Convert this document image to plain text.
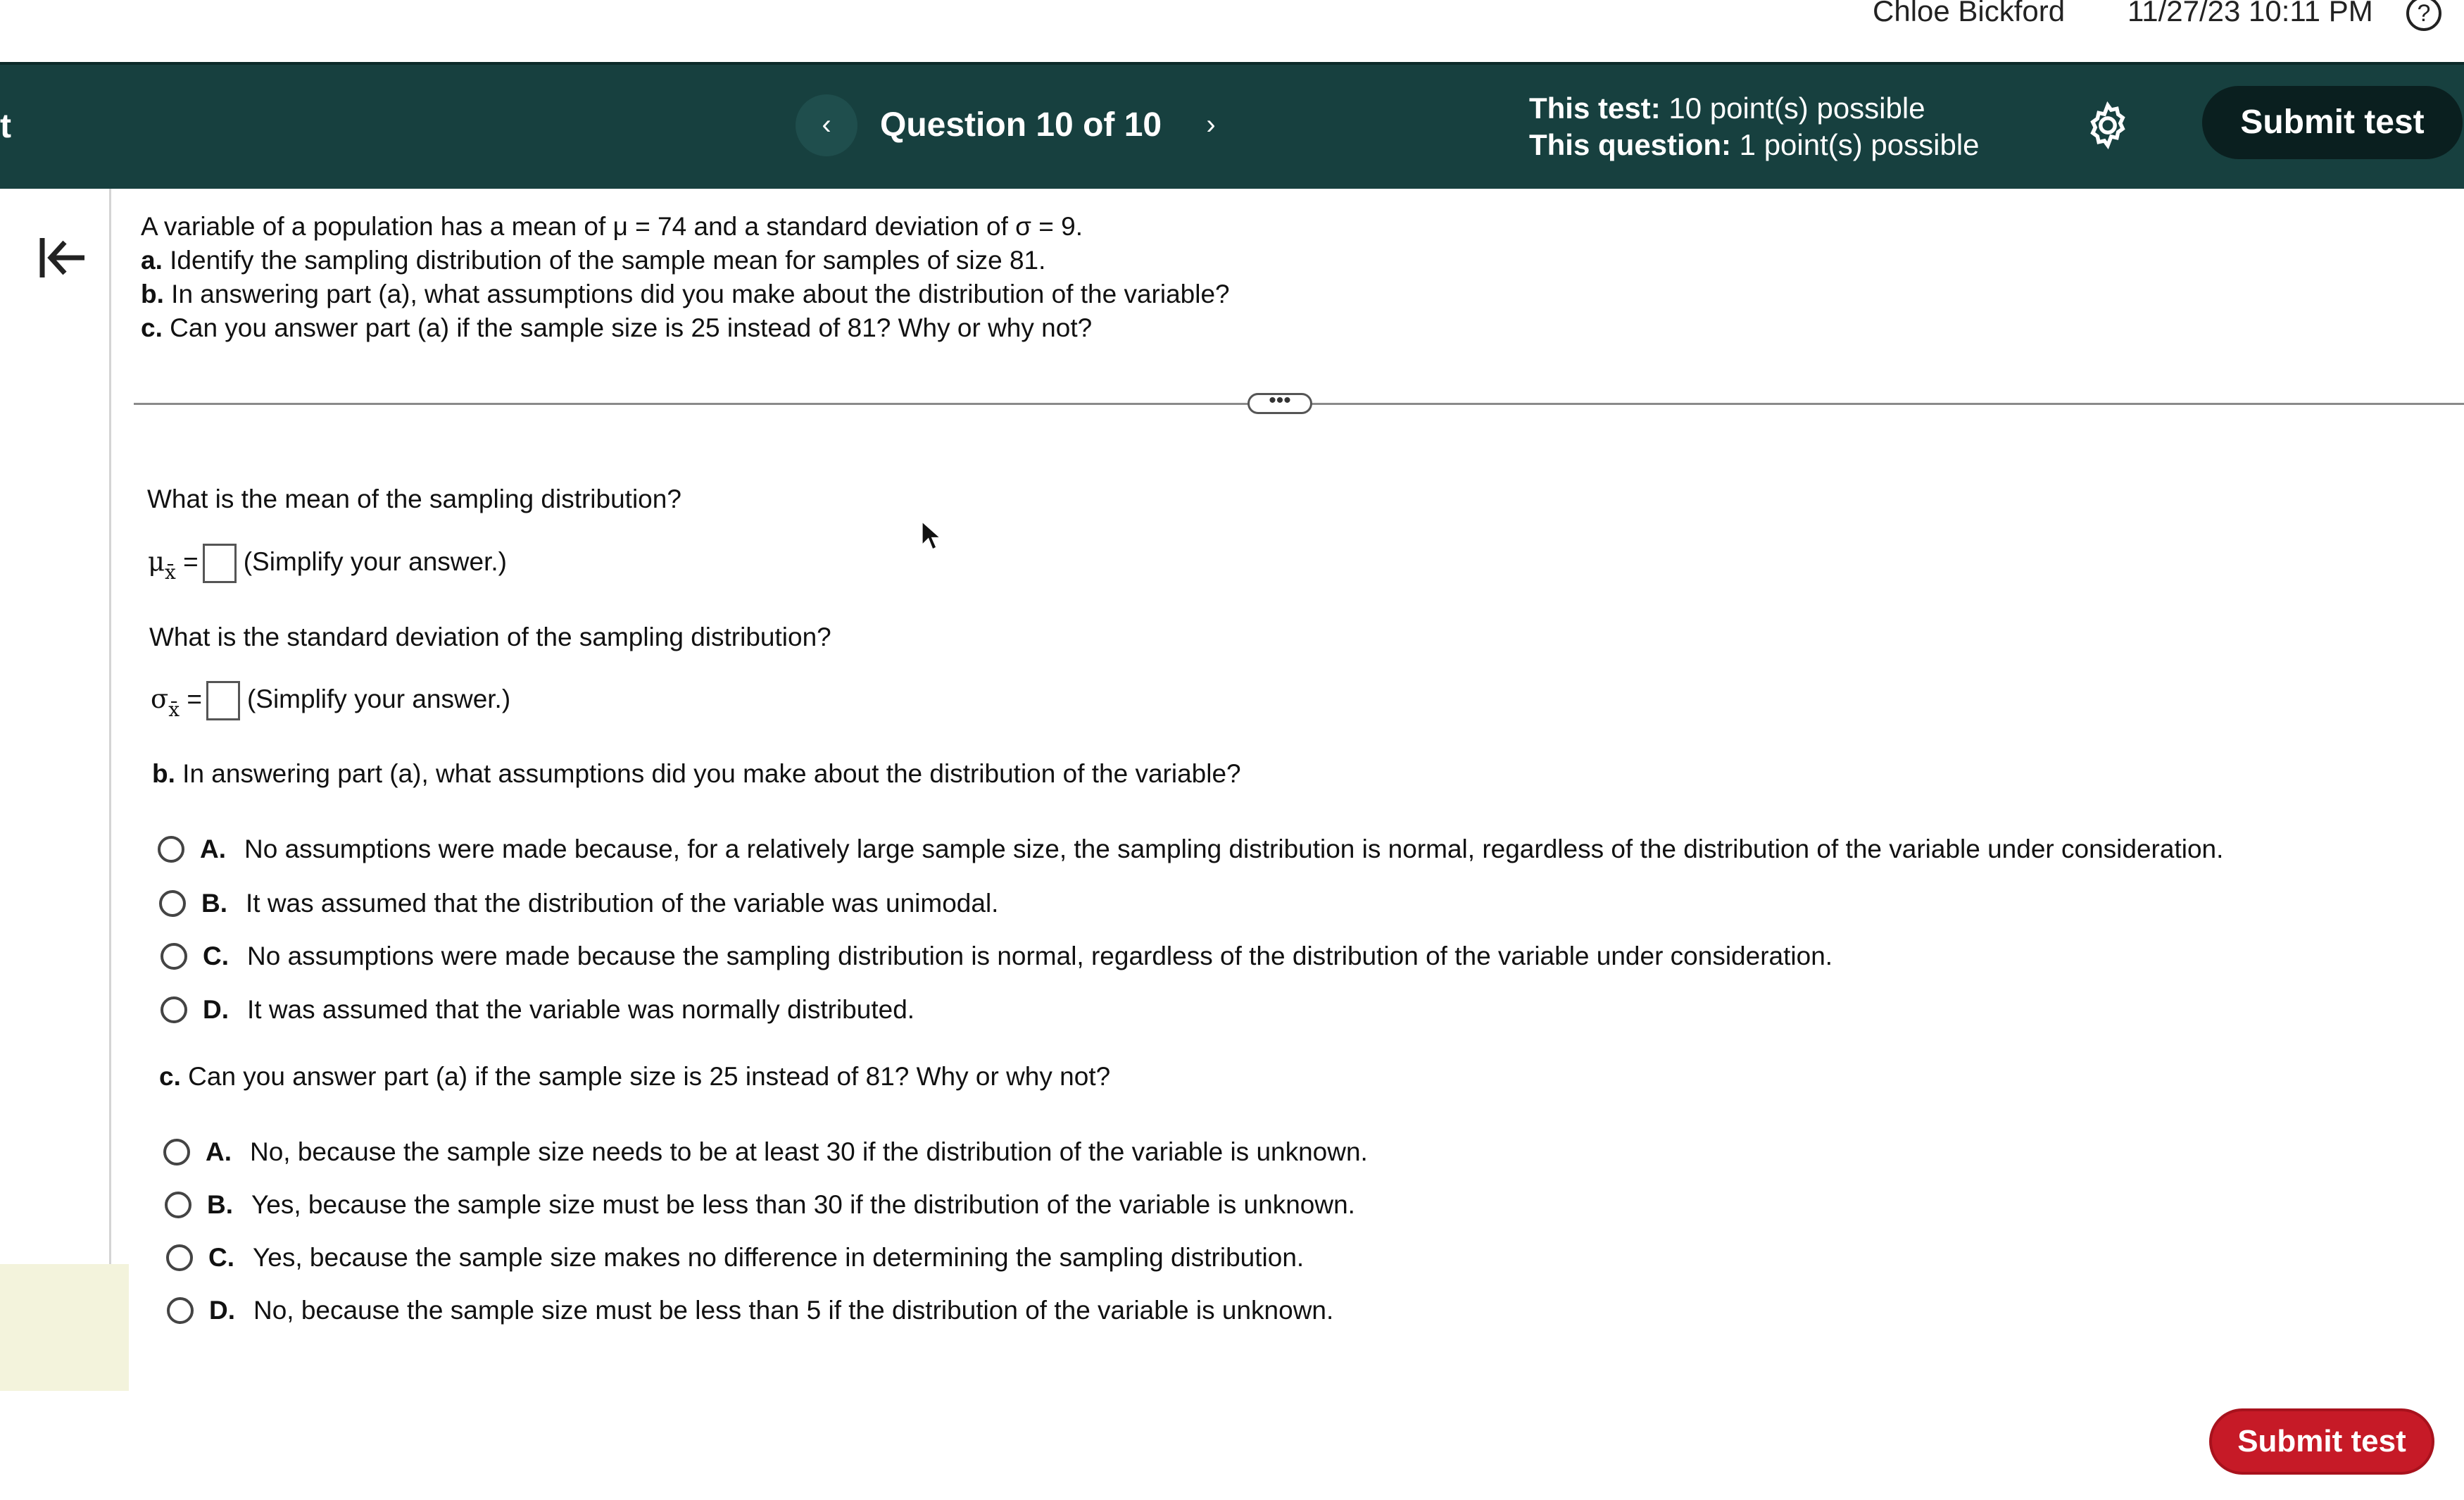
Chloe Bickford 11/27/23 10:11 PM	?
t	‹	Question 10 of 10	›	This test: 10 point(s) possible
This question: 1 point(s) possible
Submit test
A variable of a population has a mean of μ = 74 and a standard deviation of σ = 9.
a. Identify the sampling distribution of the sample mean for samples of size 81.
b. In answering part (a), what assumptions did you make about the distribution of the variable?
c. Can you answer part (a) if the sample size is 25 instead of 81? Why or why not?
•••
What is the mean of the sampling distribution?
$\mu_{x̄}$ = (Simplify your answer.)
What is the standard deviation of the sampling distribution?
$\sigma_{x̄}$ = (Simplify your answer.)
b. In answering part (a), what assumptions did you make about the distribution of the variable?
A. No assumptions were made because, for a relatively large sample size, the sampling distribution is normal, regardless of the distribution of the variable under consideration.
B. It was assumed that the distribution of the variable was unimodal.
C. No assumptions were made because the sampling distribution is normal, regardless of the distribution of the variable under consideration.
D. It was assumed that the variable was normally distributed.
c. Can you answer part (a) if the sample size is 25 instead of 81? Why or why not?
A. No, because the sample size needs to be at least 30 if the distribution of the variable is unknown.
B. Yes, because the sample size must be less than 30 if the distribution of the variable is unknown.
C. Yes, because the sample size makes no difference in determining the sampling distribution.
D. No, because the sample size must be less than 5 if the distribution of the variable is unknown.
Submit test
